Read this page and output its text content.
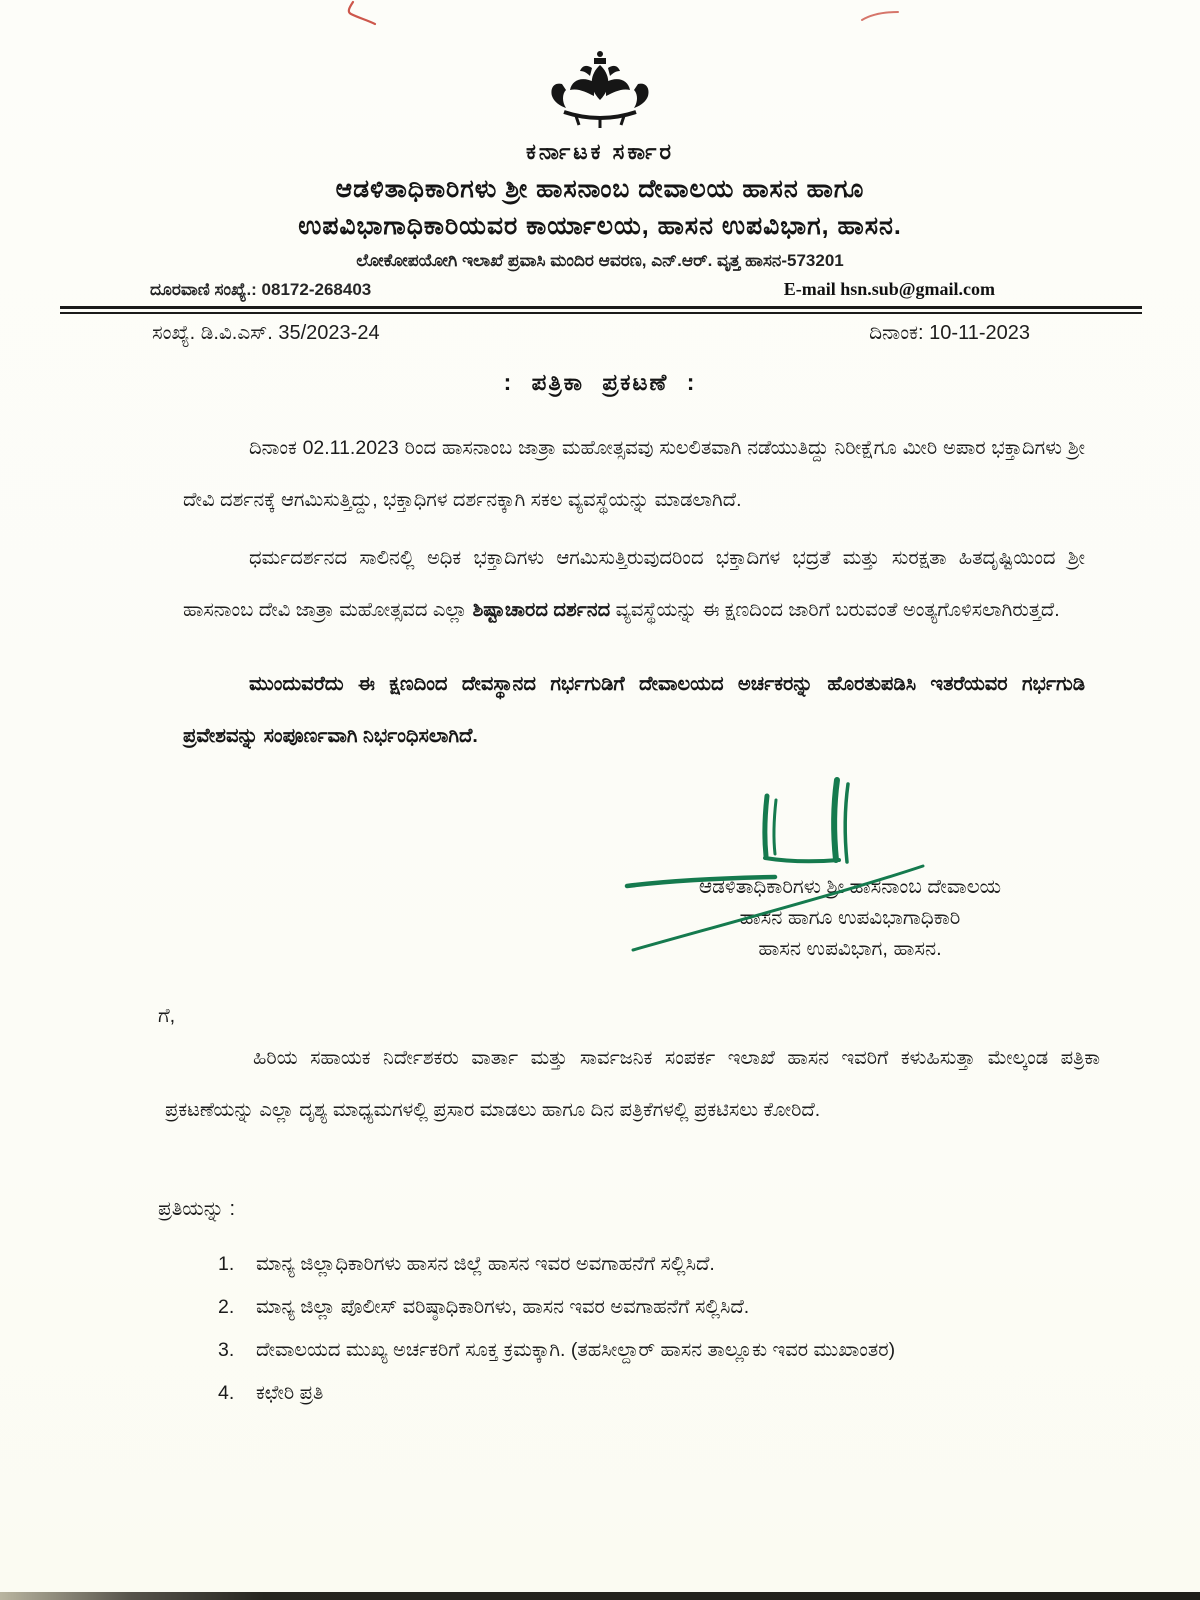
ಕರ್ನಾಟಕ ಸರ್ಕಾರ
ಆಡಳಿತಾಧಿಕಾರಿಗಳು ಶ್ರೀ ಹಾಸನಾಂಬ ದೇವಾಲಯ ಹಾಸನ ಹಾಗೂ
ಉಪವಿಭಾಗಾಧಿಕಾರಿಯವರ ಕಾರ್ಯಾಲಯ, ಹಾಸನ ಉಪವಿಭಾಗ, ಹಾಸನ.
ಲೋಕೋಪಯೋಗಿ ಇಲಾಖೆ ಪ್ರವಾಸಿ ಮಂದಿರ ಆವರಣ, ಎನ್.ಆರ್. ವೃತ್ತ ಹಾಸನ-573201
ದೂರವಾಣಿ ಸಂಖ್ಯೆ.: 08172-268403	E-mail hsn.sub@gmail.com
ಸಂಖ್ಯೆ. ಡಿ.ವಿ.ಎಸ್. 35/2023-24	ದಿನಾಂಕ: 10-11-2023
: ಪತ್ರಿಕಾ ಪ್ರಕಟಣೆ :

ದಿನಾಂಕ 02.11.2023 ರಿಂದ ಹಾಸನಾಂಬ ಜಾತ್ರಾ ಮಹೋತ್ಸವವು ಸುಲಲಿತವಾಗಿ ನಡೆಯುತಿದ್ದು ನಿರೀಕ್ಷೆಗೂ ಮೀರಿ ಅಪಾರ ಭಕ್ತಾದಿಗಳು ಶ್ರೀ ದೇವಿ ದರ್ಶನಕ್ಕೆ ಆಗಮಿಸುತ್ತಿದ್ದು, ಭಕ್ತಾಧಿಗಳ ದರ್ಶನಕ್ಕಾಗಿ ಸಕಲ ವ್ಯವಸ್ಥೆಯನ್ನು ಮಾಡಲಾಗಿದೆ.

ಧರ್ಮದರ್ಶನದ ಸಾಲಿನಲ್ಲಿ ಅಧಿಕ ಭಕ್ತಾದಿಗಳು ಆಗಮಿಸುತ್ತಿರುವುದರಿಂದ ಭಕ್ತಾದಿಗಳ ಭದ್ರತೆ ಮತ್ತು ಸುರಕ್ಷತಾ ಹಿತದೃಷ್ಟಿಯಿಂದ ಶ್ರೀ ಹಾಸನಾಂಬ ದೇವಿ ಜಾತ್ರಾ ಮಹೋತ್ಸವದ ಎಲ್ಲಾ ಶಿಷ್ಟಾಚಾರದ ದರ್ಶನದ ವ್ಯವಸ್ಥೆಯನ್ನು ಈ ಕ್ಷಣದಿಂದ ಜಾರಿಗೆ ಬರುವಂತೆ ಅಂತ್ಯಗೊಳಿಸಲಾಗಿರುತ್ತದೆ.

ಮುಂದುವರೆದು ಈ ಕ್ಷಣದಿಂದ ದೇವಸ್ಥಾನದ ಗರ್ಭಗುಡಿಗೆ ದೇವಾಲಯದ ಅರ್ಚಕರನ್ನು ಹೊರತುಪಡಿಸಿ ಇತರೆಯವರ ಗರ್ಭಗುಡಿ ಪ್ರವೇಶವನ್ನು ಸಂಪೂರ್ಣವಾಗಿ ನಿರ್ಭಂಧಿಸಲಾಗಿದೆ.

ಆಡಳಿತಾಧಿಕಾರಿಗಳು ಶ್ರೀ ಹಾಸನಾಂಬ ದೇವಾಲಯ
ಹಾಸನ ಹಾಗೂ ಉಪವಿಭಾಗಾಧಿಕಾರಿ
ಹಾಸನ ಉಪವಿಭಾಗ, ಹಾಸನ.
ಗೆ,

ಹಿರಿಯ ಸಹಾಯಕ ನಿರ್ದೇಶಕರು ವಾರ್ತಾ ಮತ್ತು ಸಾರ್ವಜನಿಕ ಸಂಪರ್ಕ ಇಲಾಖೆ ಹಾಸನ ಇವರಿಗೆ ಕಳುಹಿಸುತ್ತಾ ಮೇಲ್ಕಂಡ ಪತ್ರಿಕಾ ಪ್ರಕಟಣೆಯನ್ನು ಎಲ್ಲಾ ದೃಶ್ಯ ಮಾಧ್ಯಮಗಳಲ್ಲಿ ಪ್ರಸಾರ ಮಾಡಲು ಹಾಗೂ ದಿನ ಪತ್ರಿಕೆಗಳಲ್ಲಿ ಪ್ರಕಟಿಸಲು ಕೋರಿದೆ.

ಪ್ರತಿಯನ್ನು :
1.	ಮಾನ್ಯ ಜಿಲ್ಲಾಧಿಕಾರಿಗಳು ಹಾಸನ ಜಿಲ್ಲೆ ಹಾಸನ ಇವರ ಅವಗಾಹನೆಗೆ ಸಲ್ಲಿಸಿದೆ.
2.	ಮಾನ್ಯ ಜಿಲ್ಲಾ ಪೊಲೀಸ್ ವರಿಷ್ಠಾಧಿಕಾರಿಗಳು, ಹಾಸನ ಇವರ ಅವಗಾಹನೆಗೆ ಸಲ್ಲಿಸಿದೆ.
3.	ದೇವಾಲಯದ ಮುಖ್ಯ ಅರ್ಚಕರಿಗೆ ಸೂಕ್ತ ಕ್ರಮಕ್ಕಾಗಿ. (ತಹಸೀಲ್ದಾರ್ ಹಾಸನ ತಾಲ್ಲೂಕು ಇವರ ಮುಖಾಂತರ)
4.	ಕಛೇರಿ ಪ್ರತಿ
